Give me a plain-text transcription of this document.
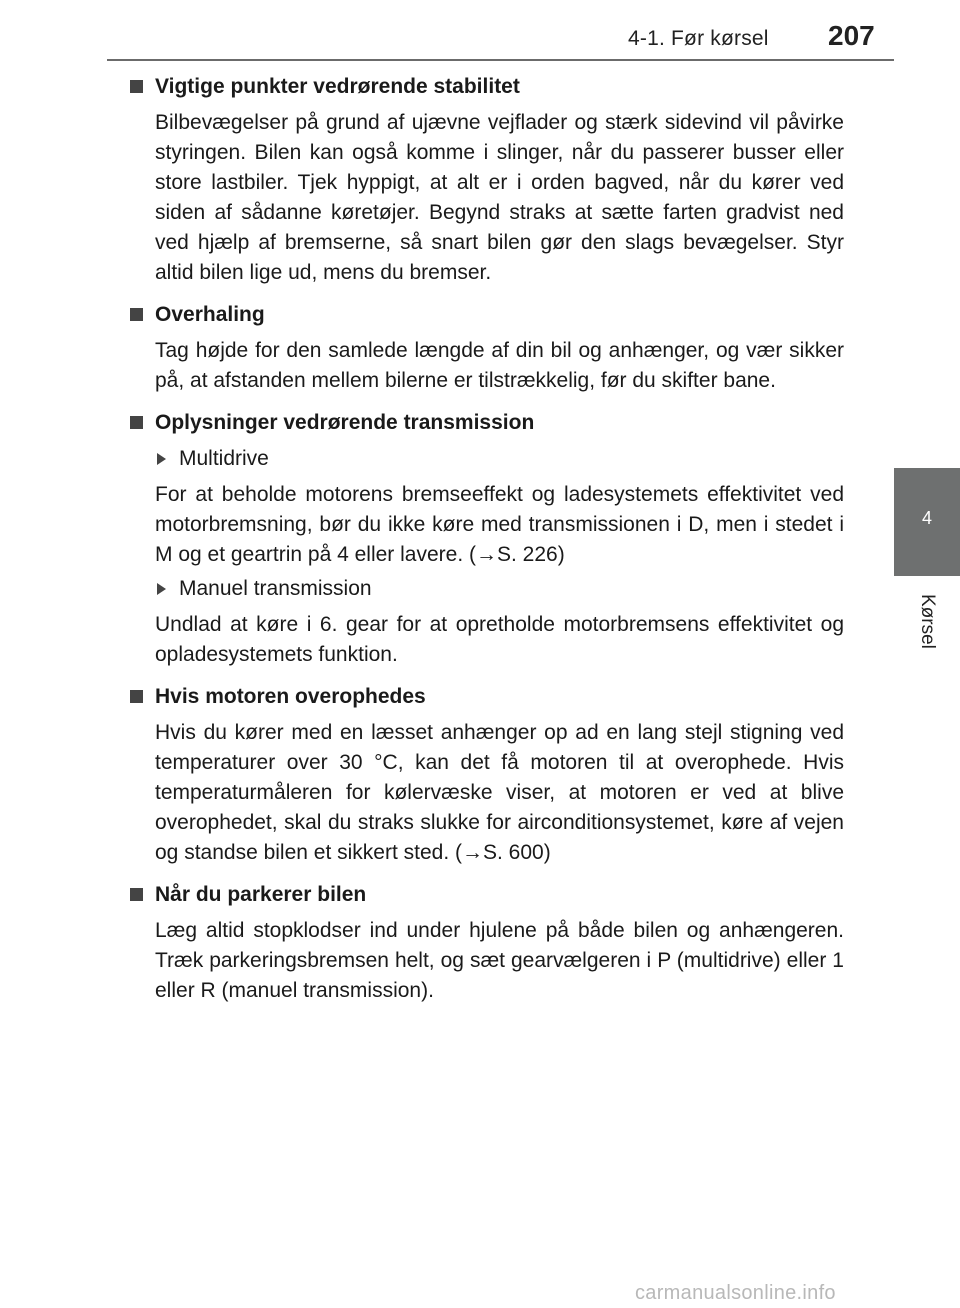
4-1. Før kørsel 207
4
Kørsel
Vigtige punkter vedrørende stabilitet
Bilbevægelser på grund af ujævne vejflader og stærk sidevind vil påvirke styringen. Bilen kan også komme i slinger, når du passerer busser eller store lastbiler. Tjek hyppigt, at alt er i orden bagved, når du kører ved siden af sådanne køretøjer. Begynd straks at sætte farten gradvist ned ved hjælp af bremserne, så snart bilen gør den slags bevægelser. Styr altid bilen lige ud, mens du bremser.
Overhaling
Tag højde for den samlede længde af din bil og anhænger, og vær sikker på, at afstanden mellem bilerne er tilstrækkelig, før du skifter bane.
Oplysninger vedrørende transmission
Multidrive
For at beholde motorens bremseeffekt og ladesystemets effektivitet ved motorbremsning, bør du ikke køre med transmissionen i D, men i stedet i M og et geartrin på 4 eller lavere. (→S. 226)
Manuel transmission
Undlad at køre i 6. gear for at opretholde motorbremsens effektivitet og opladesystemets funktion.
Hvis motoren overophedes
Hvis du kører med en læsset anhænger op ad en lang stejl stigning ved temperaturer over 30 °C, kan det få motoren til at overophede. Hvis temperaturmåleren for kølervæske viser, at motoren er ved at blive overophedet, skal du straks slukke for airconditionsystemet, køre af vejen og standse bilen et sikkert sted. (→S. 600)
Når du parkerer bilen
Læg altid stopklodser ind under hjulene på både bilen og anhængeren. Træk parkeringsbremsen helt, og sæt gearvælgeren i P (multidrive) eller 1 eller R (manuel transmission).
carmanualsonline.info
